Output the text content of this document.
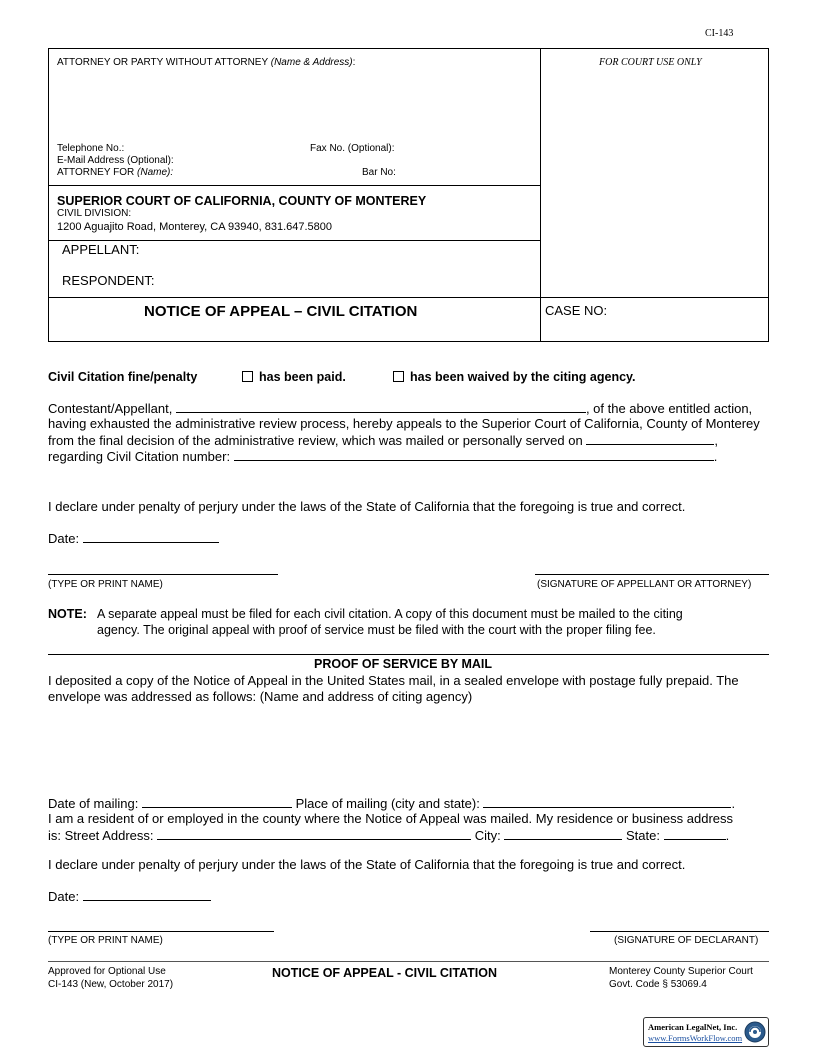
CI-143
ATTORNEY OR PARTY WITHOUT ATTORNEY (Name & Address):	FOR COURT USE ONLY
Telephone No.:	Fax No. (Optional):
E-Mail Address (Optional):
ATTORNEY FOR (Name):	Bar No:
SUPERIOR COURT OF CALIFORNIA, COUNTY OF MONTEREY
CIVIL DIVISION:
1200 Aguajito Road, Monterey, CA 93940, 831.647.5800
APPELLANT:
RESPONDENT:
NOTICE OF APPEAL – CIVIL CITATION	CASE NO:
Civil Citation fine/penalty	has been paid.	has been waived by the citing agency.
Contestant/Appellant,	, of the above entitled action,
having exhausted the administrative review process, hereby appeals to the Superior Court of California, County of Monterey
from the final decision of the administrative review, which was mailed or personally served on	,
regarding Civil Citation number:	.
I declare under penalty of perjury under the laws of the State of California that the foregoing is true and correct.
Date:
(TYPE OR PRINT NAME)	(SIGNATURE OF APPELLANT OR ATTORNEY)
NOTE: A separate appeal must be filed for each civil citation. A copy of this document must be mailed to the citing
agency. The original appeal with proof of service must be filed with the court with the proper filing fee.
PROOF OF SERVICE BY MAIL
I deposited a copy of the Notice of Appeal in the United States mail, in a sealed envelope with postage fully prepaid. The
envelope was addressed as follows: (Name and address of citing agency)
Date of mailing:	Place of mailing (city and state):	.
I am a resident of or employed in the county where the Notice of Appeal was mailed. My residence or business address
is: Street Address:	City:	State:	.
I declare under penalty of perjury under the laws of the State of California that the foregoing is true and correct.
Date:
(TYPE OR PRINT NAME)	(SIGNATURE OF DECLARANT)
Approved for Optional Use
CI-143 (New, October 2017)
NOTICE OF APPEAL - CIVIL CITATION	Monterey County Superior Court
Govt. Code § 53069.4
American LegalNet, Inc.
www.FormsWorkFlow.com
